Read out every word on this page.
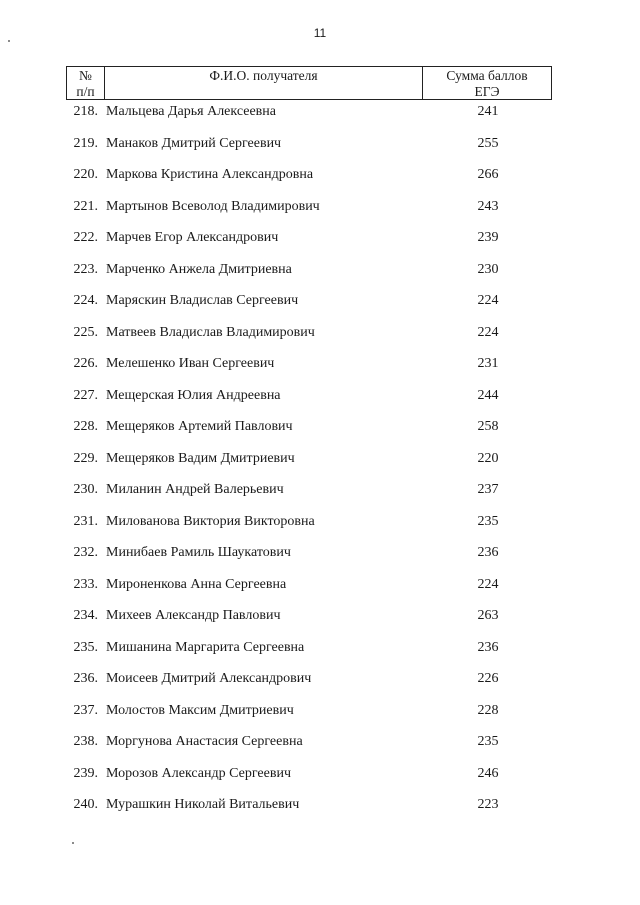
11
№
п/п
Ф.И.О. получателя	Сумма баллов
ЕГЭ
218. Мальцева Дарья Алексеевна	241
219. Манаков Дмитрий Сергеевич	255
220. Маркова Кристина Александровна	266
221. Мартынов Всеволод Владимирович	243
222. Марчев Егор Александрович	239
223. Марченко Анжела Дмитриевна	230
224. Маряскин Владислав Сергеевич	224
225. Матвеев Владислав Владимирович	224
226. Мелешенко Иван Сергеевич	231
227. Мещерская Юлия Андреевна	244
228. Мещеряков Артемий Павлович	258
229. Мещеряков Вадим Дмитриевич	220
230. Миланин Андрей Валерьевич	237
231. Милованова Виктория Викторовна	235
232. Минибаев Рамиль Шаукатович	236
233. Мироненкова Анна Сергеевна	224
234. Михеев Александр Павлович	263
235. Мишанина Маргарита Сергеевна	236
236. Моисеев Дмитрий Александрович	226
237. Молостов Максим Дмитриевич	228
238. Моргунова Анастасия Сергеевна	235
239. Морозов Александр Сергеевич	246
240. Мурашкин Николай Витальевич	223
